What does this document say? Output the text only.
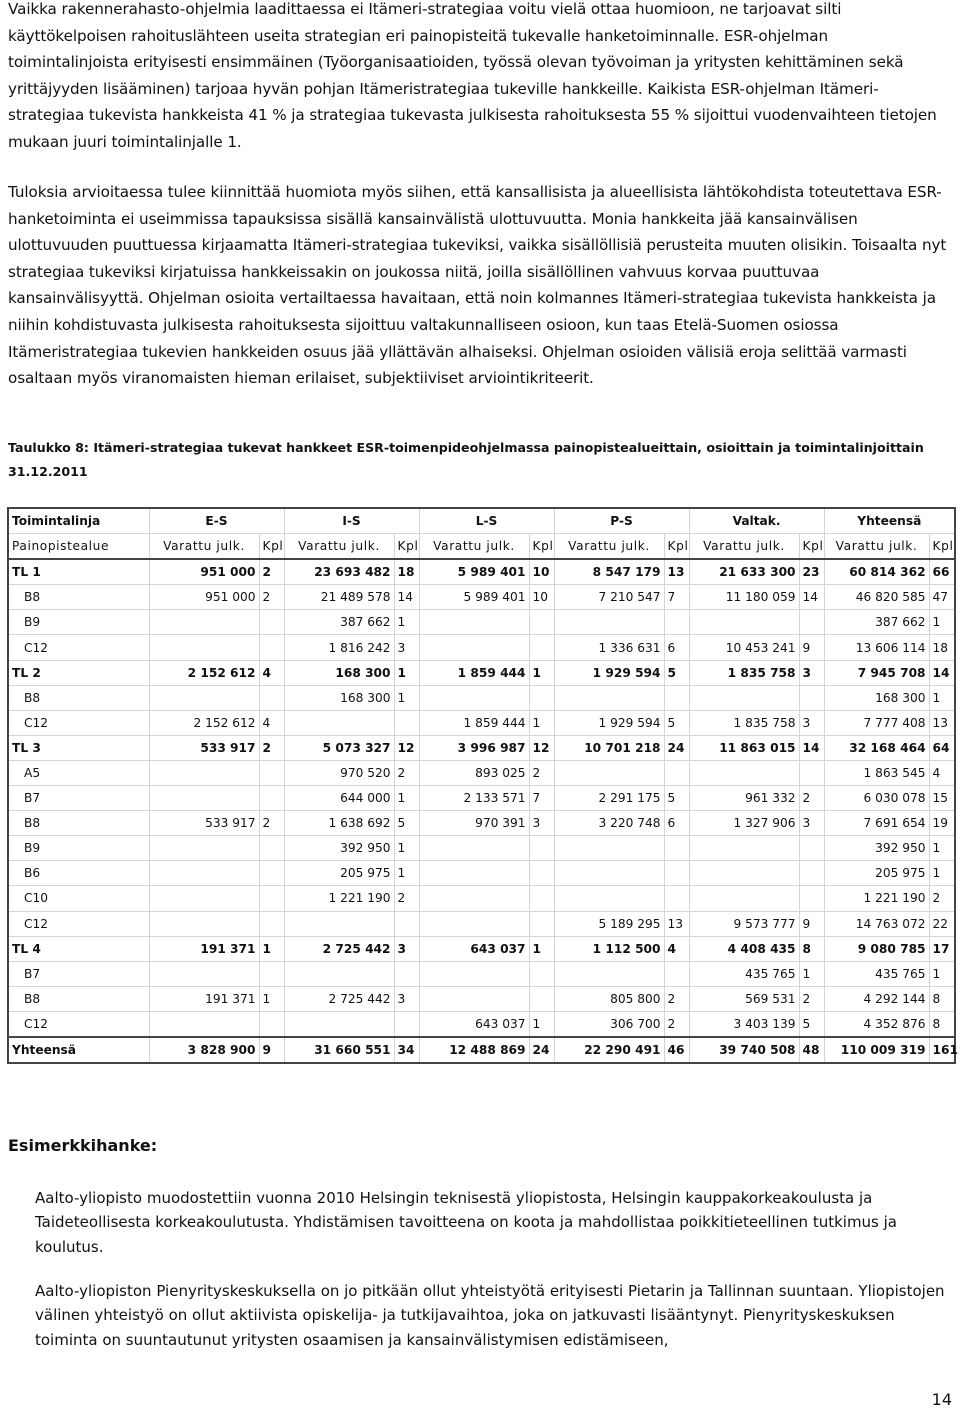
Vaikka rakennerahasto-ohjelmia laadittaessa ei Itämeri-strategiaa voitu vielä ottaa huomioon, ne tarjoavat silti käyttökelpoisen rahoituslähteen useita strategian eri painopisteitä tukevalle hanketoiminnalle. ESR-ohjelman toimintalinjoista erityisesti ensimmäinen (Työorganisaatioiden, työssä olevan työvoiman ja yritysten kehittäminen sekä yrittäjyyden lisääminen) tarjoaa hyvän pohjan Itämeristrategiaa tukeville hankkeille. Kaikista ESR-ohjelman Itämeri-strategiaa tukevista hankkeista 41 % ja strategiaa tukevasta julkisesta rahoituksesta 55 % sijoittui vuodenvaihteen tietojen mukaan juuri toimintalinjalle 1.

Tuloksia arvioitaessa tulee kiinnittää huomiota myös siihen, että kansallisista ja alueellisista lähtökohdista toteutettava ESR-hanketoiminta ei useimmissa tapauksissa sisällä kansainvälistä ulottuvuutta. Monia hankkeita jää kansainvälisen ulottuvuuden puuttuessa kirjaamatta Itämeri-strategiaa tukeviksi, vaikka sisällöllisiä perusteita muuten olisikin. Toisaalta nyt strategiaa tukeviksi kirjatuissa hankkeissakin on joukossa niitä, joilla sisällöllinen vahvuus korvaa puuttuvaa kansainvälisyyttä. Ohjelman osioita vertailtaessa havaitaan, että noin kolmannes Itämeri-strategiaa tukevista hankkeista ja niihin kohdistuvasta julkisesta rahoituksesta sijoittuu valtakunnalliseen osioon, kun taas Etelä-Suomen osiossa Itämeristrategiaa tukevien hankkeiden osuus jää yllättävän alhaiseksi. Ohjelman osioiden välisiä eroja selittää varmasti osaltaan myös viranomaisten hieman erilaiset, subjektiiviset arviointikriteerit.

Taulukko 8: Itämeri-strategiaa tukevat hankkeet ESR-toimenpideohjelmassa painopistealueittain, osioittain ja toimintalinjoittain 31.12.2011

Toimintalinja	E-S		I-S		L-S		P-S		Valtak.		Yhteensä	
Painopistealue	Varattu julk.	Kpl	Varattu julk.	Kpl	Varattu julk.	Kpl	Varattu julk.	Kpl	Varattu julk.	Kpl	Varattu julk.	Kpl
TL 1	951 000	2	23 693 482	18	5 989 401	10	8 547 179	13	21 633 300	23	60 814 362	66
B8	951 000	2	21 489 578	14	5 989 401	10	7 210 547	7	11 180 059	14	46 820 585	47
B9			387 662	1							387 662	1
C12			1 816 242	3			1 336 631	6	10 453 241	9	13 606 114	18
TL 2	2 152 612	4	168 300	1	1 859 444	1	1 929 594	5	1 835 758	3	7 945 708	14
B8			168 300	1							168 300	1
C12	2 152 612	4			1 859 444	1	1 929 594	5	1 835 758	3	7 777 408	13
TL 3	533 917	2	5 073 327	12	3 996 987	12	10 701 218	24	11 863 015	14	32 168 464	64
A5			970 520	2	893 025	2					1 863 545	4
B7			644 000	1	2 133 571	7	2 291 175	5	961 332	2	6 030 078	15
B8	533 917	2	1 638 692	5	970 391	3	3 220 748	6	1 327 906	3	7 691 654	19
B9			392 950	1							392 950	1
B6			205 975	1							205 975	1
C10			1 221 190	2							1 221 190	2
C12							5 189 295	13	9 573 777	9	14 763 072	22
TL 4	191 371	1	2 725 442	3	643 037	1	1 112 500	4	4 408 435	8	9 080 785	17
B7									435 765	1	435 765	1
B8	191 371	1	2 725 442	3			805 800	2	569 531	2	4 292 144	8
C12					643 037	1	306 700	2	3 403 139	5	4 352 876	8
Yhteensä	3 828 900	9	31 660 551	34	12 488 869	24	22 290 491	46	39 740 508	48	110 009 319	161

Esimerkkihanke:

Aalto-yliopisto muodostettiin vuonna 2010 Helsingin teknisestä yliopistosta, Helsingin kauppakorkeakoulusta ja Taideteollisesta korkeakoulutusta. Yhdistämisen tavoitteena on koota ja mahdollistaa poikkitieteellinen tutkimus ja koulutus.

Aalto-yliopiston Pienyrityskeskuksella on jo pitkään ollut yhteistyötä erityisesti Pietarin ja Tallinnan suuntaan. Yliopistojen välinen yhteistyö on ollut aktiivista opiskelija- ja tutkijavaihtoa, joka on jatkuvasti lisääntynyt. Pienyrityskeskuksen toiminta on suuntautunut yritysten osaamisen ja kansainvälistymisen edistämiseen,

14
